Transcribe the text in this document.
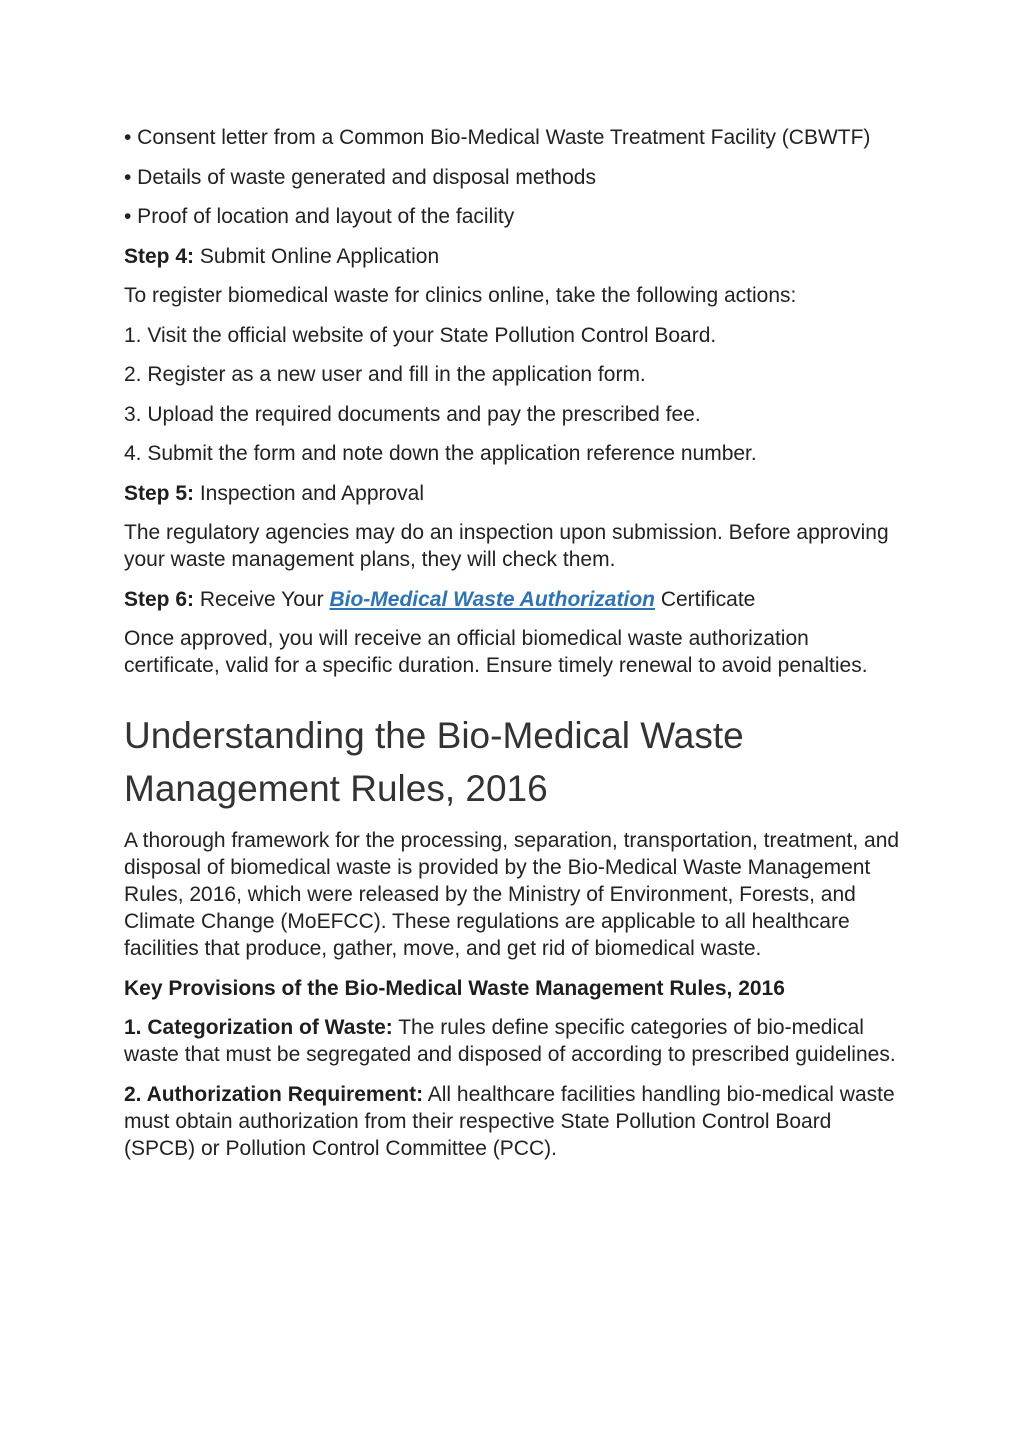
• Consent letter from a Common Bio-Medical Waste Treatment Facility (CBWTF)

• Details of waste generated and disposal methods

• Proof of location and layout of the facility

Step 4: Submit Online Application

To register biomedical waste for clinics online, take the following actions:

1. Visit the official website of your State Pollution Control Board.

2. Register as a new user and fill in the application form.

3. Upload the required documents and pay the prescribed fee.

4. Submit the form and note down the application reference number.

Step 5: Inspection and Approval

The regulatory agencies may do an inspection upon submission. Before approving your waste management plans, they will check them.

Step 6: Receive Your Bio-Medical Waste Authorization Certificate

Once approved, you will receive an official biomedical waste authorization certificate, valid for a specific duration. Ensure timely renewal to avoid penalties.

Understanding the Bio-Medical Waste Management Rules, 2016

A thorough framework for the processing, separation, transportation, treatment, and disposal of biomedical waste is provided by the Bio-Medical Waste Management Rules, 2016, which were released by the Ministry of Environment, Forests, and Climate Change (MoEFCC). These regulations are applicable to all healthcare facilities that produce, gather, move, and get rid of biomedical waste.

Key Provisions of the Bio-Medical Waste Management Rules, 2016

1. Categorization of Waste: The rules define specific categories of bio-medical waste that must be segregated and disposed of according to prescribed guidelines.

2. Authorization Requirement: All healthcare facilities handling bio-medical waste must obtain authorization from their respective State Pollution Control Board (SPCB) or Pollution Control Committee (PCC).
